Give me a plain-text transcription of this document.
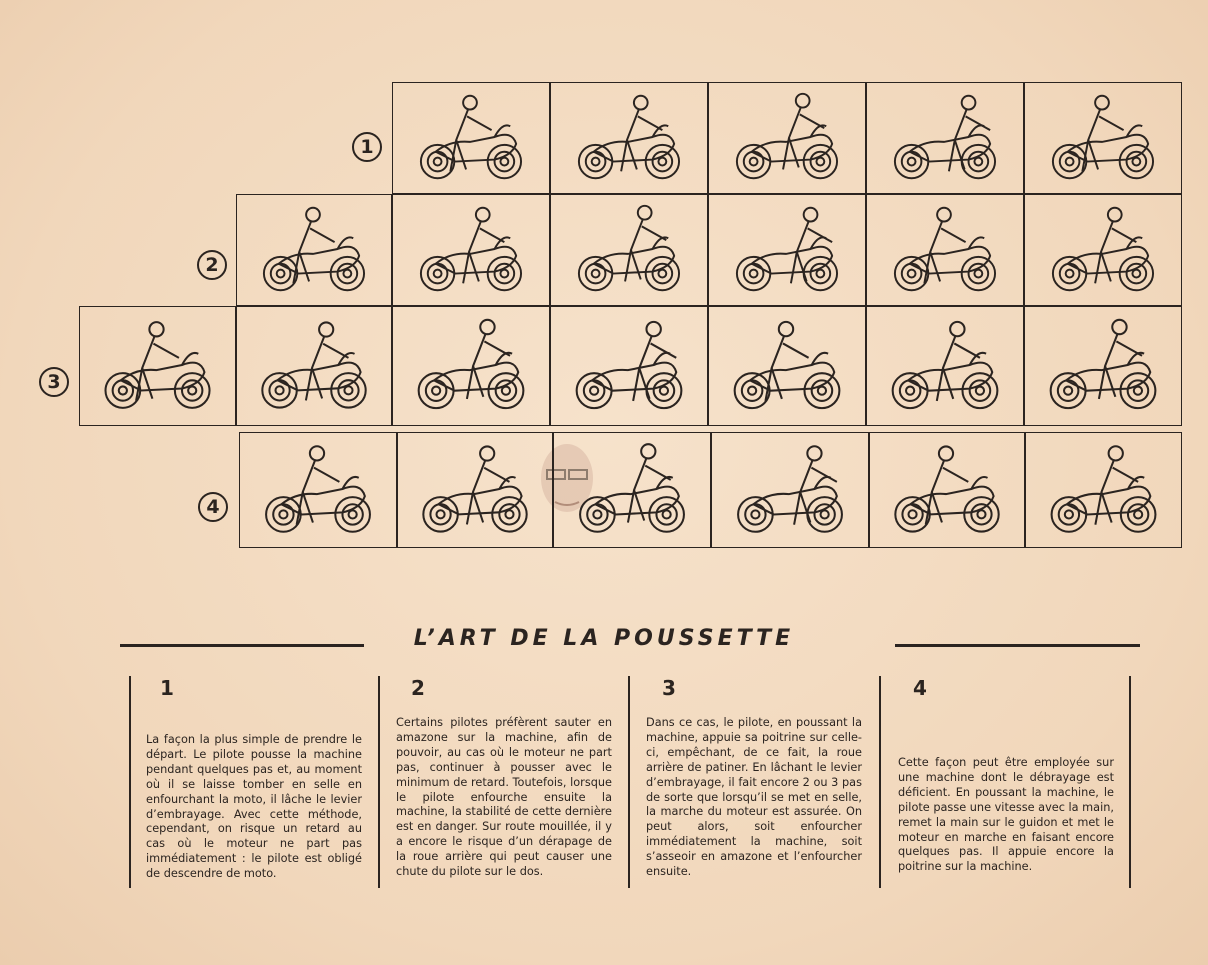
L’ART DE LA POUSSETTE
1	2	3	4
La façon la plus simple de prendre le départ. Le pilote pousse la machine pendant quelques pas et, au moment où il se laisse tomber en selle en enfourchant la moto, il lâche le levier d’embrayage. Avec cette méthode, cependant, on risque un retard au cas où le moteur ne part pas immédiatement : le pilote est obligé de descendre de moto.
Certains pilotes préfèrent sauter en amazone sur la machine, afin de pouvoir, au cas où le moteur ne part pas, continuer à pousser avec le minimum de retard. Toutefois, lorsque le pilote enfourche ensuite la machine, la stabilité de cette dernière est en danger. Sur route mouillée, il y a encore le risque d’un dérapage de la roue arrière qui peut causer une chute du pilote sur le dos.
Dans ce cas, le pilote, en poussant la machine, appuie sa poitrine sur celle-ci, empêchant, de ce fait, la roue arrière de patiner. En lâchant le levier d’embrayage, il fait encore 2 ou 3 pas de sorte que lorsqu’il se met en selle, la marche du moteur est assurée. On peut alors, soit enfourcher immédiatement la machine, soit s’asseoir en amazone et l’enfourcher ensuite.
Cette façon peut être employée sur une machine dont le débrayage est déficient. En poussant la machine, le pilote passe une vitesse avec la main, remet la main sur le guidon et met le moteur en marche en faisant encore quelques pas. Il appuie encore la poitrine sur la machine.
1
2
3
4
